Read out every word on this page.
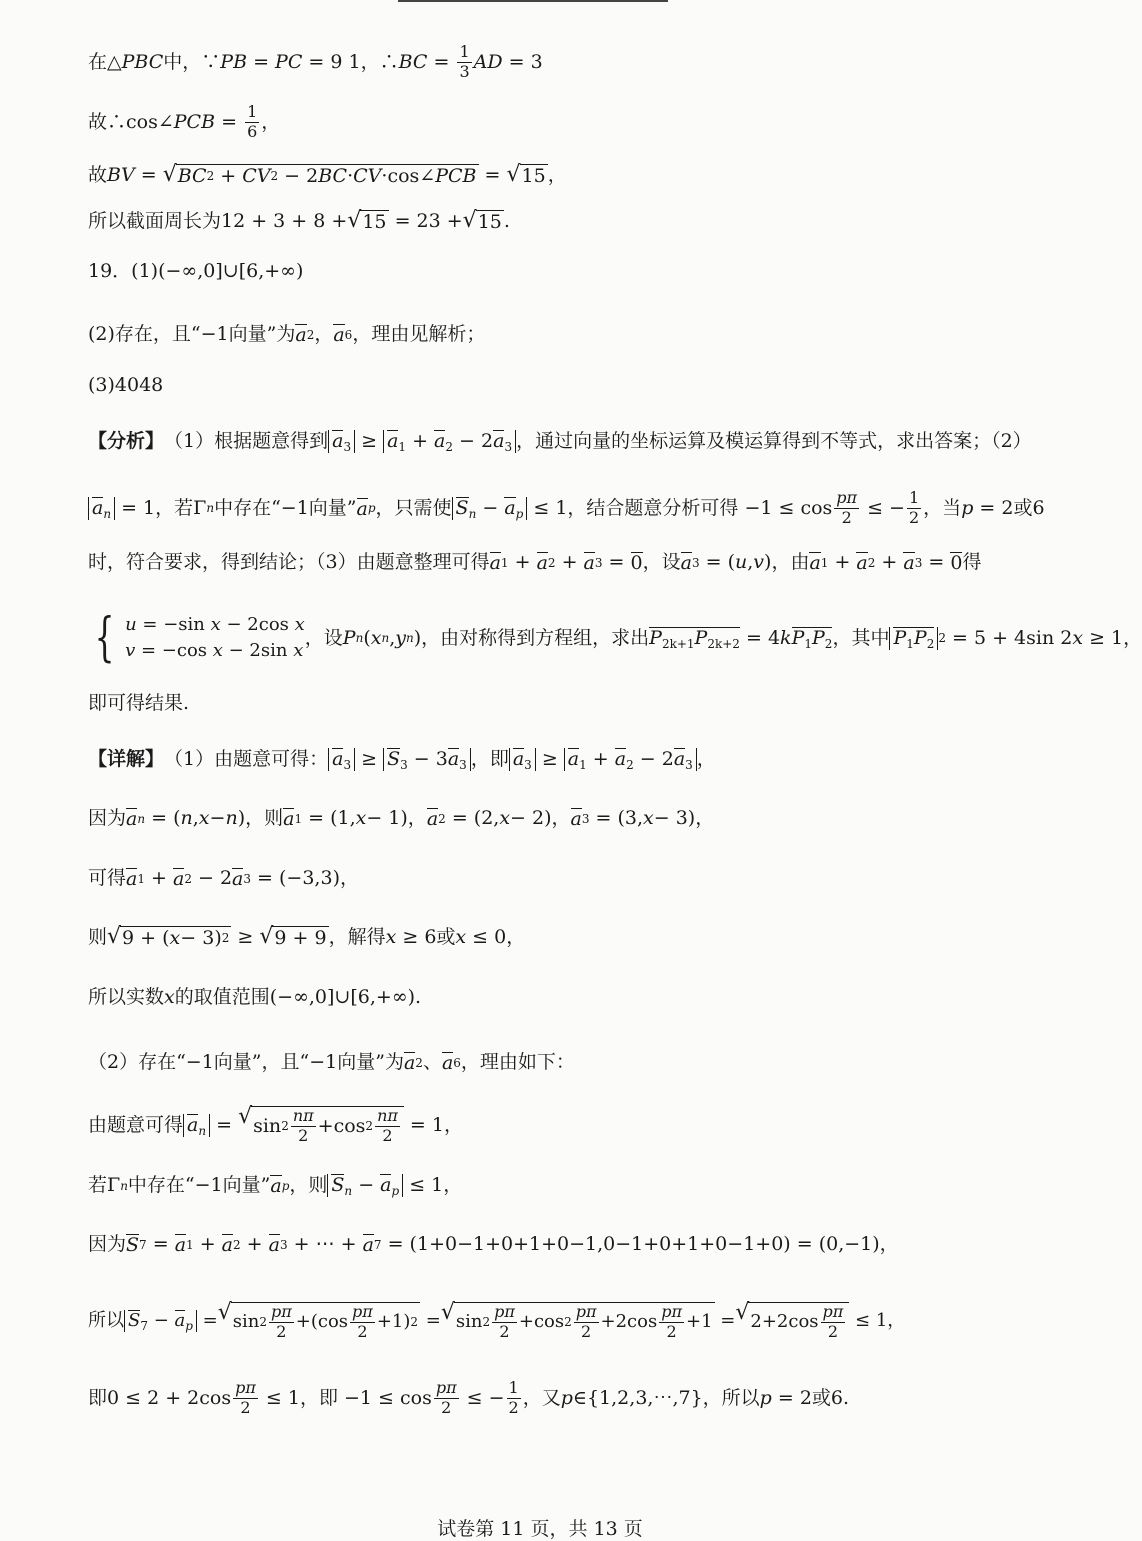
在△ PBC 中，∵ PB = PC = 9 1，∴ BC = $\frac{1}{3}$ AD = 3
故∴cos∠ PCB = $\frac{1}{6}$ ，
故 BV = √ BC 2 + CV 2 − 2 BC · CV ·cos∠ PCB = √ 15 ，
所以截面周长为12 + 3 + 8 + √ 15 = 23 + √ 15 .
19．(1)(−∞,0]∪[6,+∞)
(2)存在，且“−1向量”为 a 2 ， a 6 ，理由见解析；
(3)4048
【分析】 （1）根据题意得到 $a_3 \ge a_1 + a_2 - 2a_3$ ，通过向量的坐标运算及模运算得到不等式，求出答案；（2）
$a_n = 1$，若Γ n 中存在“−1向量” a p ，只需使 $S_n - a_p \le 1$，结合题意分析可得 $-1 \le \cos \frac{p\pi}{2}$ ≤ − $\frac{1}{2}$ ，当 p = 2或6
时，符合要求，得到结论；（3）由题意整理可得 a 1 + a 2 + a 3 = 0 ，设 a 3 = ( u , v )，由 a 1 + a 2 + a 3 = 0 得
{ u = −sin x − 2cos x
v = −cos x − 2sin x
，设 P n ( x n , y n )，由对称得到方程组，求出 $P_{2k+1}P_{2k+2} = 4$ k $P_1P_2$ ，其中 $P_1P_2$ 2 = 5 + 4sin 2 x ≥ 1，
即可得结果.
【详解】 （1）由题意可得： $a_3 \ge S_3 - 3a_3$ ，即 $a_3 \ge a_1 + a_2 - 2a_3$ ，
因为 a n = ( n , x − n )，则 a 1 = (1, x − 1)， a 2 = (2, x − 2)， a 3 = (3, x − 3)，
可得 a 1 + a 2 − 2 a 3 = (−3,3)，
则 √ 9 + ( x − 3) 2 ≥ √ 9 + 9 ，解得 x ≥ 6或 x ≤ 0，
所以实数 x 的取值范围(−∞,0]∪[6,+∞).
（2）存在“−1向量”，且“−1向量”为 a 2 、 a 6 ，理由如下：
由题意可得 $a_n$ = √ $\sin 2 \frac{n\pi}{2} +\cos$ $2 \frac{n\pi}{2} = 1$，
若Γ n 中存在“−1向量” a p ，则 $S_n - a_p \le 1$，
因为 S 7 = a 1 + a 2 + a 3 + ⋯ + a 7 = (1+0−1+0+1+0−1,0−1+0+1+0−1+0) = (0,−1)，
所以 $S_7 - a_p$ = √ $\sin 2 \frac{p\pi}{2} +(\cos \frac{p\pi}{2} +1) 2$ = √ $\sin 2 \frac{p\pi}{2} +\cos$ $2 \frac{p\pi}{2} +2\cos \frac{p\pi}{2} +1$ = √ $2+2\cos \frac{p\pi}{2} \le 1$，
即$0 \le 2 + 2\cos \frac{p\pi}{2} \le 1$，即 $-1 \le \cos \frac{p\pi}{2}$ ≤ − $\frac{1}{2}$ ，又 p ∈{1,2,3,⋯,7}，所以 p = 2或6.
试卷第 11 页，共 13 页
